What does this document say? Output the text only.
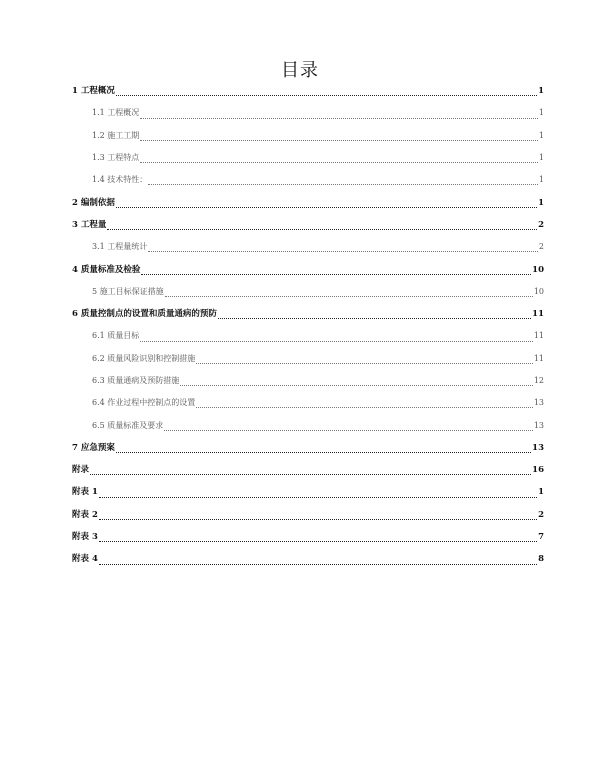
目录
1 工程概况	1
1.1 工程概况	1
1.2 施工工期	1
1.3 工程特点	1
1.4 技术特性：	1
2 编制依据	1
3 工程量	2
3.1 工程量统计	2
4 质量标准及检验	10
5 施工目标保证措施	10
6 质量控制点的设置和质量通病的预防	11
6.1 质量目标	11
6.2 质量风险识别和控制措施	11
6.3 质量通病及预防措施	12
6.4 作业过程中控制点的设置	13
6.5 质量标准及要求	13
7 应急预案	13
附录	16
附表 1	1
附表 2	2
附表 3	7
附表 4	8
